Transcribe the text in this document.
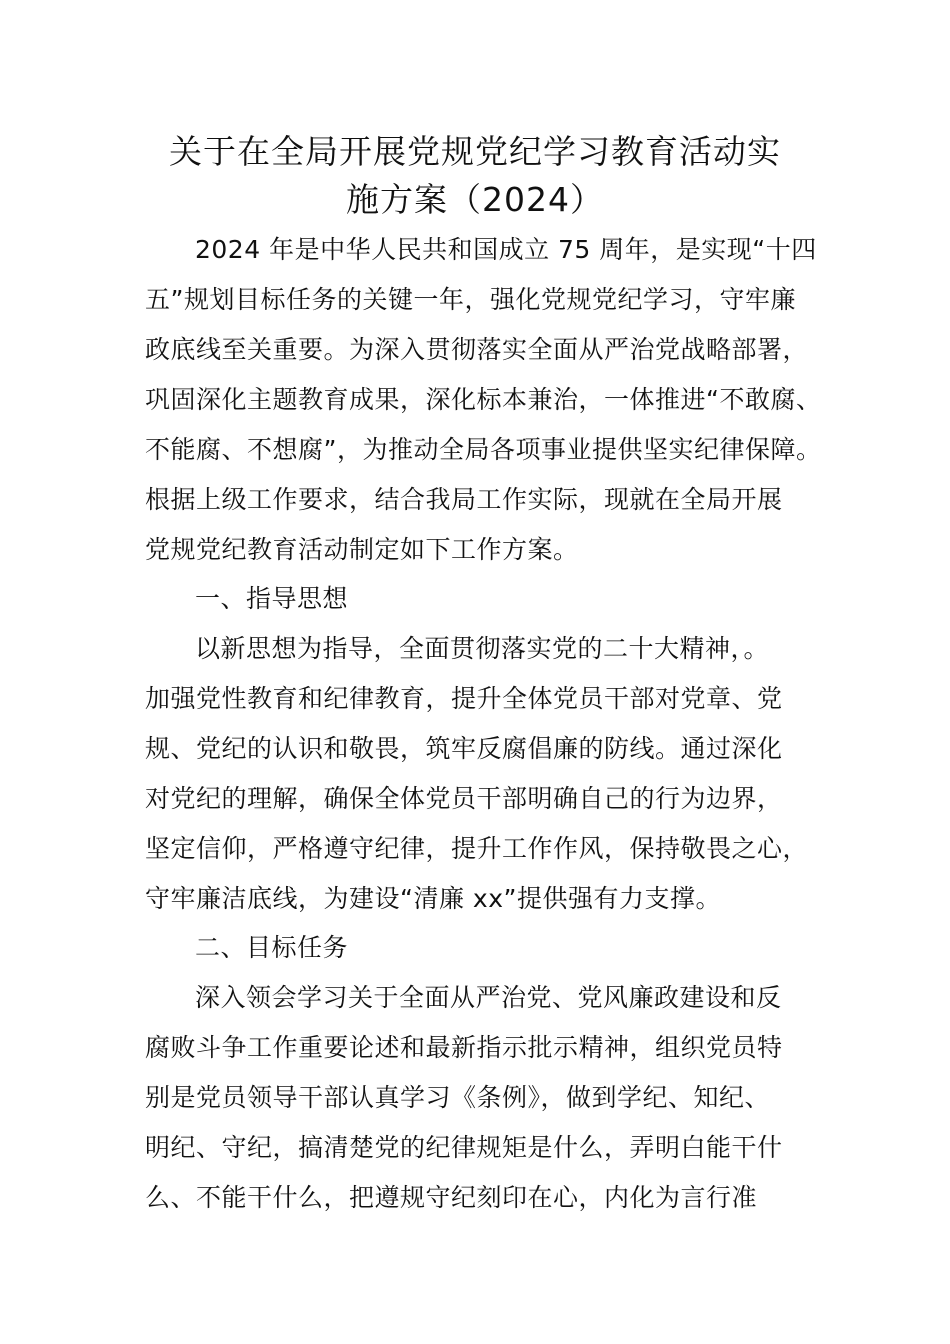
关于在全局开展党规党纪学习教育活动实
施方案（2024）
2024 年是中华人民共和国成立 75 周年，是实现“十四
五”规划目标任务的关键一年，强化党规党纪学习，守牢廉
政底线至关重要。为深入贯彻落实全面从严治党战略部署，
巩固深化主题教育成果，深化标本兼治，一体推进“不敢腐、
不能腐、不想腐”，为推动全局各项事业提供坚实纪律保障。
根据上级工作要求，结合我局工作实际，现就在全局开展
党规党纪教育活动制定如下工作方案。
一、指导思想
以新思想为指导，全面贯彻落实党的二十大精神，。
加强党性教育和纪律教育，提升全体党员干部对党章、党
规、党纪的认识和敬畏，筑牢反腐倡廉的防线。通过深化
对党纪的理解，确保全体党员干部明确自己的行为边界，
坚定信仰，严格遵守纪律，提升工作作风，保持敬畏之心，
守牢廉洁底线，为建设“清廉 xx”提供强有力支撑。
二、目标任务
深入领会学习关于全面从严治党、党风廉政建设和反
腐败斗争工作重要论述和最新指示批示精神，组织党员特
别是党员领导干部认真学习《条例》，做到学纪、知纪、
明纪、守纪，搞清楚党的纪律规矩是什么，弄明白能干什
么、不能干什么，把遵规守纪刻印在心，内化为言行准
